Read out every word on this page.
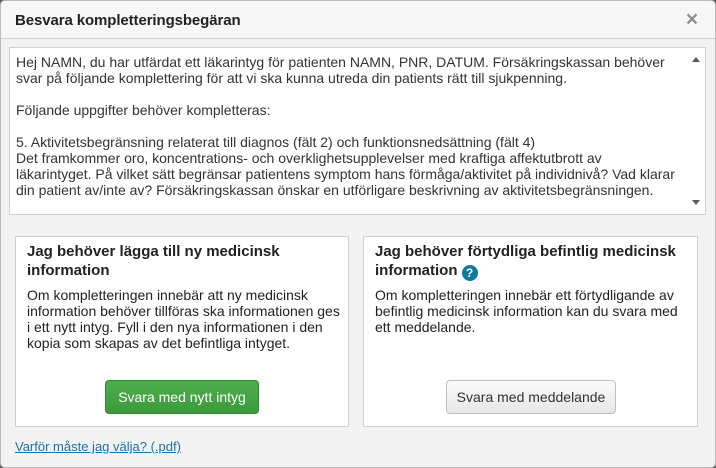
Besvara kompletteringsbegäran	×

Hej NAMN, du har utfärdat ett läkarintyg för patienten NAMN, PNR, DATUM. Försäkringskassan behöver svar på följande komplettering för att vi ska kunna utreda din patients rätt till sjukpenning.

Följande uppgifter behöver kompletteras:

5. Aktivitetsbegränsning relaterat till diagnos (fält 2) och funktionsnedsättning (fält 4)

Det framkommer oro, koncentrations- och overklighetsupplevelser med kraftiga affektutbrott av läkarintyget. På vilket sätt begränsar patientens symptom hans förmåga/aktivitet på individnivå? Vad klarar din patient av/inte av? Försäkringskassan önskar en utförligare beskrivning av aktivitetsbegränsningen.

Jag behöver lägga till ny medicinsk information
Om kompletteringen innebär att ny medicinsk information behöver tillföras ska informationen ges i ett nytt intyg. Fyll i den nya informationen i den kopia som skapas av det befintliga intyget.
Svara med nytt intyg
Jag behöver förtydliga befintlig medicinsk information ?
Om kompletteringen innebär ett förtydligande av befintlig medicinsk information kan du svara med ett meddelande.
Svara med meddelande
Varför måste jag välja? (.pdf)
